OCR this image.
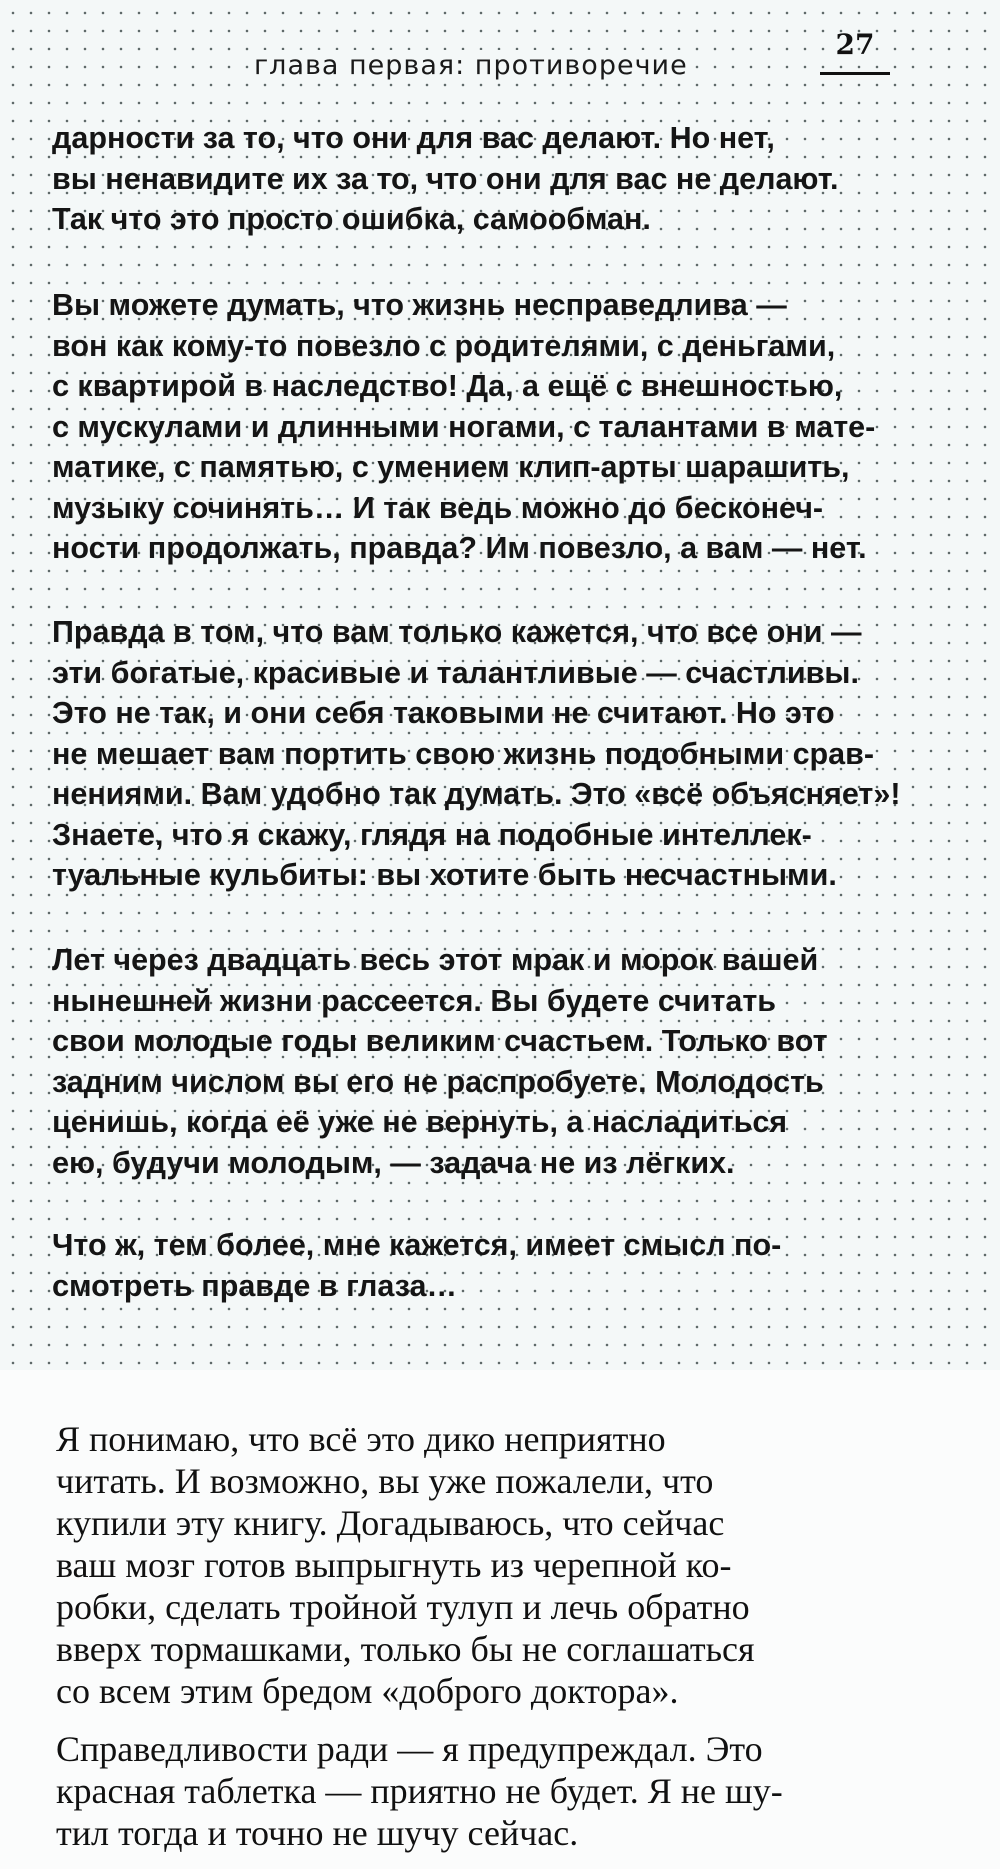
глава первая: противоречие
27
дарности за то, что они для вас делают. Но нет,
вы ненавидите их за то, что они для вас не делают.
Так что это просто ошибка, самообман.
Вы можете думать, что жизнь несправедлива —
вон как кому-то повезло с родителями, с деньгами,
с квартирой в наследство! Да, а ещё с внешностью,
с мускулами и длинными ногами, с талантами в мате-
матике, с памятью, с умением клип-арты шарашить,
музыку сочинять… И так ведь можно до бесконеч-
ности продолжать, правда? Им повезло, а вам — нет.
Правда в том, что вам только кажется, что все они —
эти богатые, красивые и талантливые — счастливы.
Это не так, и они себя таковыми не считают. Но это
не мешает вам портить свою жизнь подобными срав-
нениями. Вам удобно так думать. Это «всё объясняет»!
Знаете, что я скажу, глядя на подобные интеллек-
туальные кульбиты: вы хотите быть несчастными.
Лет через двадцать весь этот мрак и морок вашей
нынешней жизни рассеется. Вы будете считать
свои молодые годы великим счастьем. Только вот
задним числом вы его не распробуете. Молодость
ценишь, когда её уже не вернуть, а насладиться
ею, будучи молодым, — задача не из лёгких.
Что ж, тем более, мне кажется, имеет смысл по-
смотреть правде в глаза…
Я понимаю, что всё это дико неприятно
читать. И возможно, вы уже пожалели, что
купили эту книгу. Догадываюсь, что сейчас
ваш мозг готов выпрыгнуть из черепной ко-
робки, сделать тройной тулуп и лечь обратно
вверх тормашками, только бы не соглашаться
со всем этим бредом «доброго доктора».
Справедливости ради — я предупреждал. Это
красная таблетка — приятно не будет. Я не шу-
тил тогда и точно не шучу сейчас.
